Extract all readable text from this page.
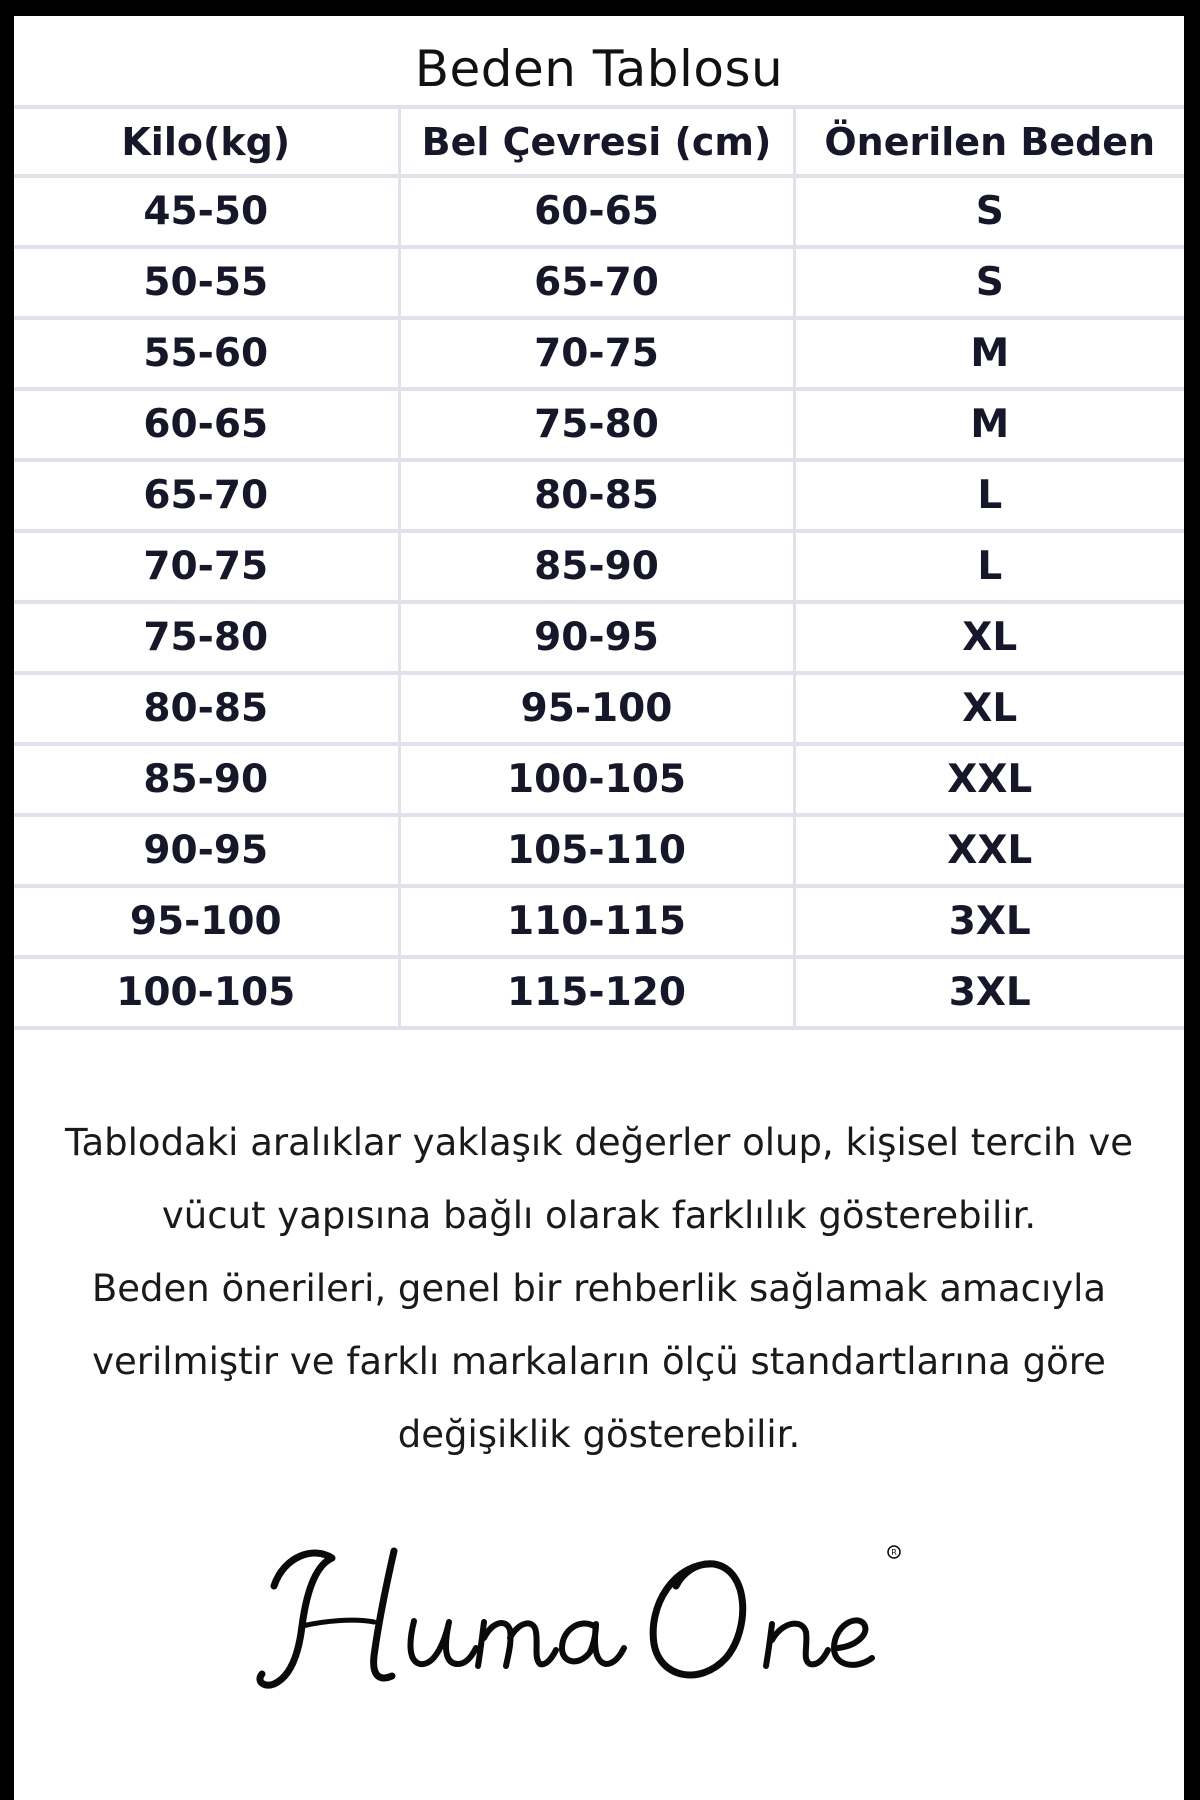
Beden Tablosu
Kilo(kg)	Bel Çevresi (cm)	Önerilen Beden
45-50	60-65	S
50-55	65-70	S
55-60	70-75	M
60-65	75-80	M
65-70	80-85	L
70-75	85-90	L
75-80	90-95	XL
80-85	95-100	XL
85-90	100-105	XXL
90-95	105-110	XXL
95-100	110-115	3XL
100-105	115-120	3XL

Tablodaki aralıklar yaklaşık değerler olup, kişisel tercih ve vücut yapısına bağlı olarak farklılık gösterebilir.

Beden önerileri, genel bir rehberlik sağlamak amacıyla verilmiştir ve farklı markaların ölçü standartlarına göre değişiklik gösterebilir.

R
